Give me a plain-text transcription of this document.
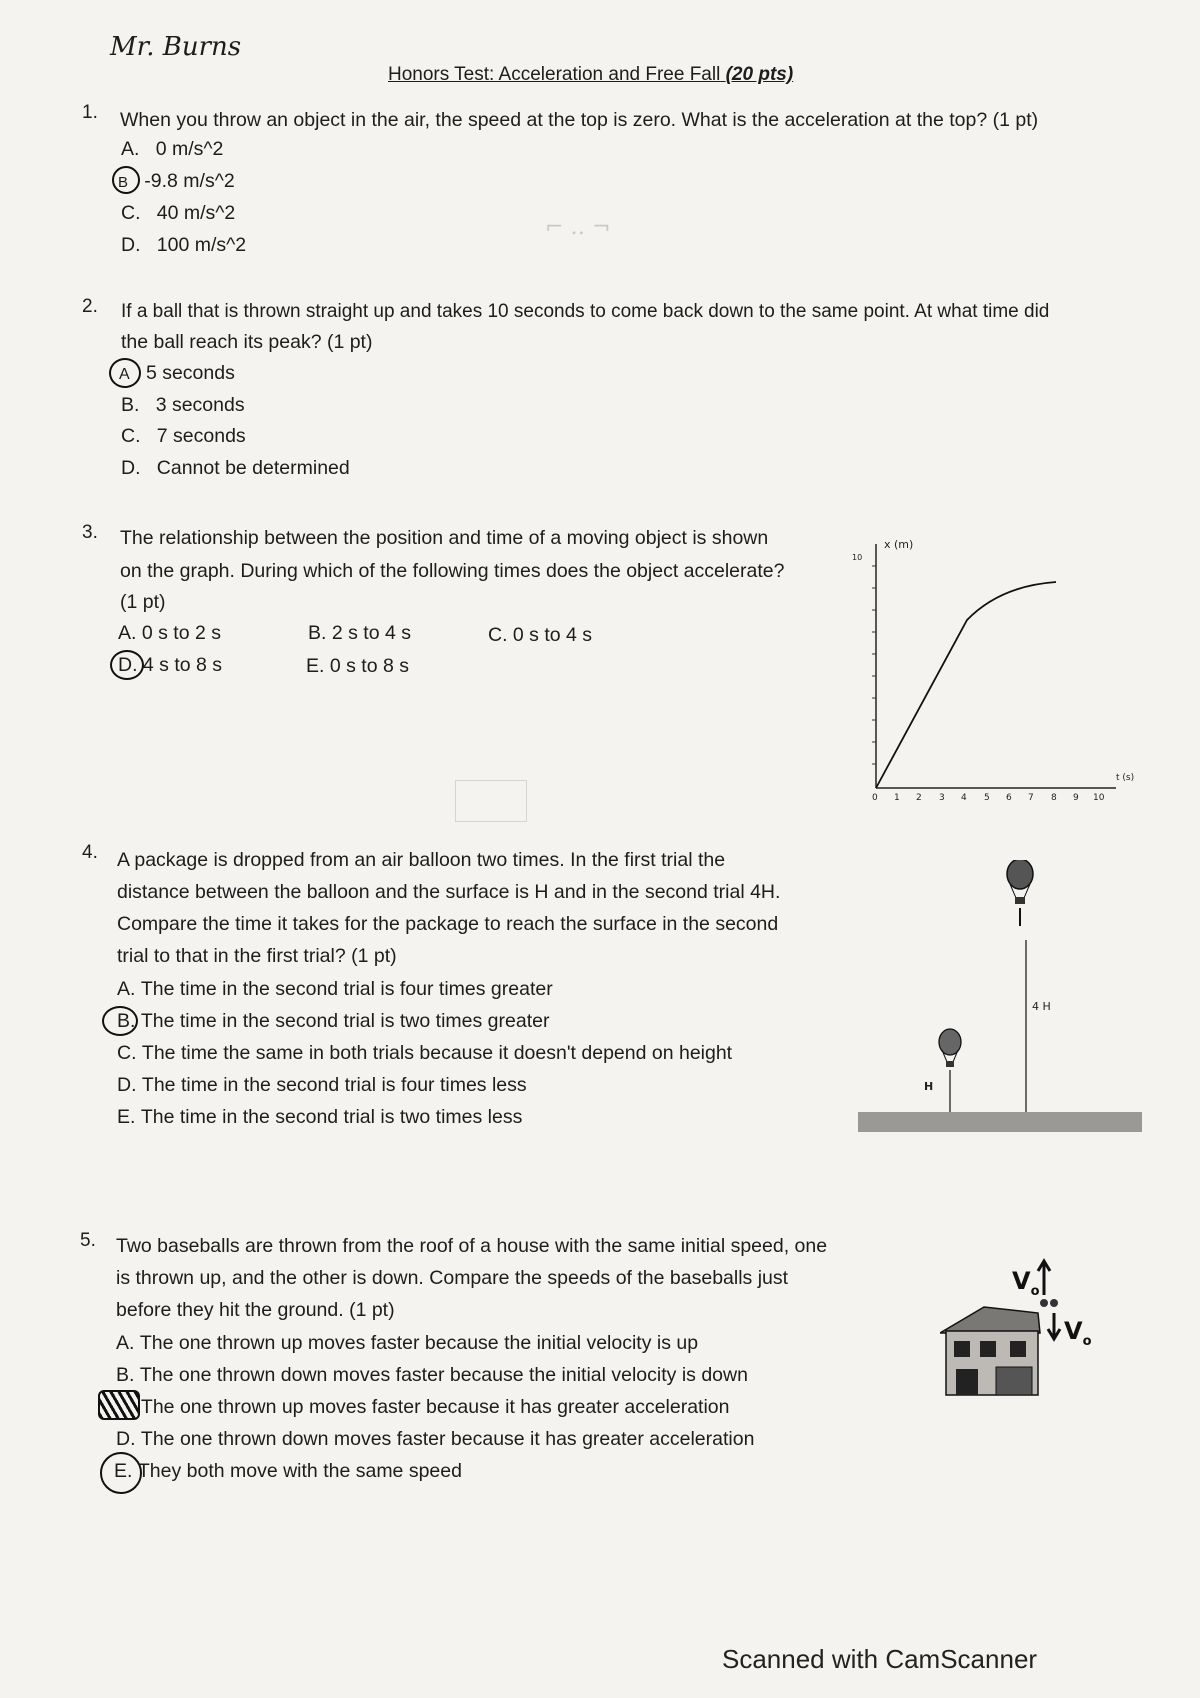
Mr. Burns
Honors Test: Acceleration and Free Fall (20 pts)
⌐ ‥ ¬
1. When you throw an object in the air, the speed at the top is zero. What is the acceleration at the top? (1 pt)
A. 0 m/s^2
B -9.8 m/s^2
C. 40 m/s^2
D. 100 m/s^2
2. If a ball that is thrown straight up and takes 10 seconds to come back down to the same point. At what time did
the ball reach its peak? (1 pt)
A 5 seconds
B. 3 seconds
C. 7 seconds
D. Cannot be determined
3. The relationship between the position and time of a moving object is shown
on the graph. During which of the following times does the object accelerate?
(1 pt)
A. 0 s to 2 s	B. 2 s to 4 s	C. 0 s to 4 s
D. 4 s to 8 s	E. 0 s to 8 s
x (m)
10
0 1 2 3 4 5 6 7 8 9 10
t (s)
4. A package is dropped from an air balloon two times. In the first trial the
distance between the balloon and the surface is H and in the second trial 4H.
Compare the time it takes for the package to reach the surface in the second
trial to that in the first trial? (1 pt)
A. The time in the second trial is four times greater
B. The time in the second trial is two times greater
C. The time the same in both trials because it doesn't depend on height
D. The time in the second trial is four times less
E. The time in the second trial is two times less
4 H
H
5. Two baseballs are thrown from the roof of a house with the same initial speed, one
is thrown up, and the other is down. Compare the speeds of the baseballs just
before they hit the ground. (1 pt)
A. The one thrown up moves faster because the initial velocity is up
B. The one thrown down moves faster because the initial velocity is down
The one thrown up moves faster because it has greater acceleration
D. The one thrown down moves faster because it has greater acceleration
E. They both move with the same speed
$V_o$
$V_o$
Scanned with CamScanner
